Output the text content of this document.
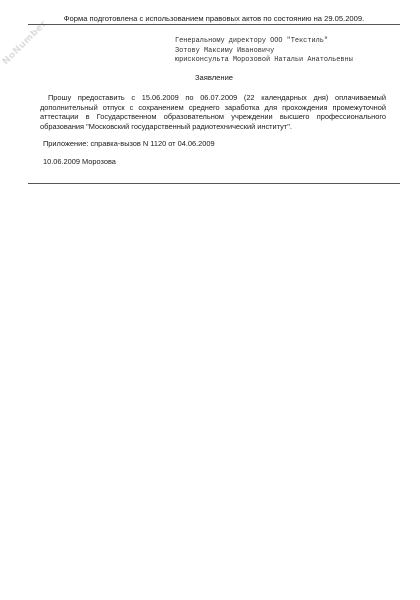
NoNumber
Форма подготовлена с использованием правовых актов по состоянию на 29.05.2009.
Генеральному директору ООО "Текстиль"
Зотову Максиму Ивановичу
юрисконсульта Морозовой Натальи Анатольевны
Заявление
Прошу предоставить с 15.06.2009 по 06.07.2009 (22 календарных дня) оплачиваемый дополнительный отпуск с сохранением среднего заработка для прохождения промежуточной аттестации в Государственном образовательном учреждении высшего профессионального образования "Московский государственный радиотехнический институт".
Приложение: справка-вызов N 1120 от 04.06.2009
10.06.2009 Морозова
